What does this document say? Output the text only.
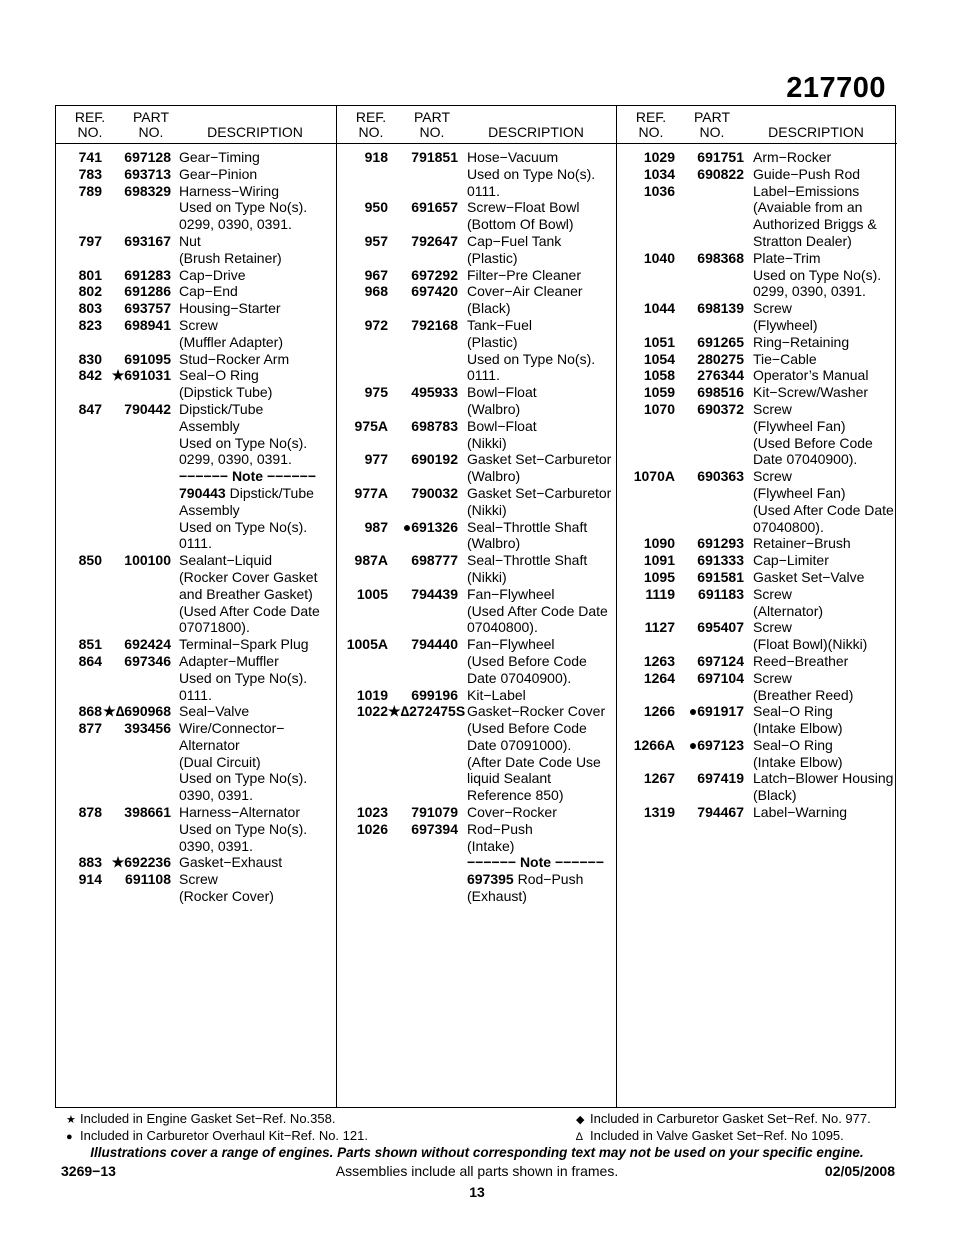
217700
REF.
NO.
PART
NO.	DESCRIPTION
741	697128 Gear−Timing
783	693713 Gear−Pinion
789	698329 Harness−Wiring
Used on Type No(s).
0299, 0390, 0391.
797	693167 Nut
(Brush Retainer)
801	691283 Cap−Drive
802	691286 Cap−End
803	693757 Housing−Starter
823	698941 Screw
(Muffler Adapter)
830	691095 Stud−Rocker Arm
842 ★691031 Seal−O Ring
(Dipstick Tube)
847	790442 Dipstick/Tube
Assembly
Used on Type No(s).
0299, 0390, 0391.
−−−−−− Note −−−−−−
790443 Dipstick/Tube
Assembly
Used on Type No(s).
0111.
850	100100 Sealant−Liquid
(Rocker Cover Gasket
and Breather Gasket)
(Used After Code Date
07071800).
851	692424 Terminal−Spark Plug
864	697346 Adapter−Muffler
Used on Type No(s).
0111.
868 ★∆690968 Seal−Valve
877	393456 Wire/Connector−
Alternator
(Dual Circuit)
Used on Type No(s).
0390, 0391.
878	398661 Harness−Alternator
Used on Type No(s).
0390, 0391.
883 ★692236 Gasket−Exhaust
914	691108 Screw
(Rocker Cover)
REF.
NO.
PART
NO.	DESCRIPTION
918	791851 Hose−Vacuum
Used on Type No(s).
0111.
950	691657 Screw−Float Bowl
(Bottom Of Bowl)
957	792647 Cap−Fuel Tank
(Plastic)
967	697292 Filter−Pre Cleaner
968	697420 Cover−Air Cleaner
(Black)
972	792168 Tank−Fuel
(Plastic)
Used on Type No(s).
0111.
975	495933 Bowl−Float
(Walbro)
975A	698783 Bowl−Float
(Nikki)
977	690192 Gasket Set−Carburetor
(Walbro)
977A	790032 Gasket Set−Carburetor
(Nikki)
987	●691326 Seal−Throttle Shaft
(Walbro)
987A	698777 Seal−Throttle Shaft
(Nikki)
1005	794439 Fan−Flywheel
(Used After Code Date
07040800).
1005A	794440 Fan−Flywheel
(Used Before Code
Date 07040900).
1019	699196 Kit−Label
1022 ★∆272475S Gasket−Rocker Cover
(Used Before Code
Date 07091000).
(After Date Code Use
liquid Sealant
Reference 850)
1023	791079 Cover−Rocker
1026	697394 Rod−Push
(Intake)
−−−−−− Note −−−−−−
697395 Rod−Push
(Exhaust)
REF.
NO.
PART
NO.	DESCRIPTION
1029	691751 Arm−Rocker
1034	690822 Guide−Push Rod
1036	Label−Emissions
(Avaiable from an
Authorized Briggs &
Stratton Dealer)
1040	698368 Plate−Trim
Used on Type No(s).
0299, 0390, 0391.
1044	698139 Screw
(Flywheel)
1051	691265 Ring−Retaining
1054	280275 Tie−Cable
1058	276344 Operator’s Manual
1059	698516 Kit−Screw/Washer
1070	690372 Screw
(Flywheel Fan)
(Used Before Code
Date 07040900).
1070A	690363 Screw
(Flywheel Fan)
(Used After Code Date
07040800).
1090	691293 Retainer−Brush
1091	691333 Cap−Limiter
1095	691581 Gasket Set−Valve
1119	691183 Screw
(Alternator)
1127	695407 Screw
(Float Bowl)(Nikki)
1263	697124 Reed−Breather
1264	697104 Screw
(Breather Reed)
1266 ●691917 Seal−O Ring
(Intake Elbow)
1266A ●697123 Seal−O Ring
(Intake Elbow)
1267	697419 Latch−Blower Housing
(Black)
1319	794467 Label−Warning
★ Included in Engine Gasket Set−Ref. No.358.
● Included in Carburetor Overhaul Kit−Ref. No. 121.
◆ Included in Carburetor Gasket Set−Ref. No. 977.
∆ Included in Valve Gasket Set−Ref. No 1095.
Illustrations cover a range of engines. Parts shown without corresponding text may not be used on your specific engine.
3269−13	Assemblies include all parts shown in frames.	02/05/2008
13
